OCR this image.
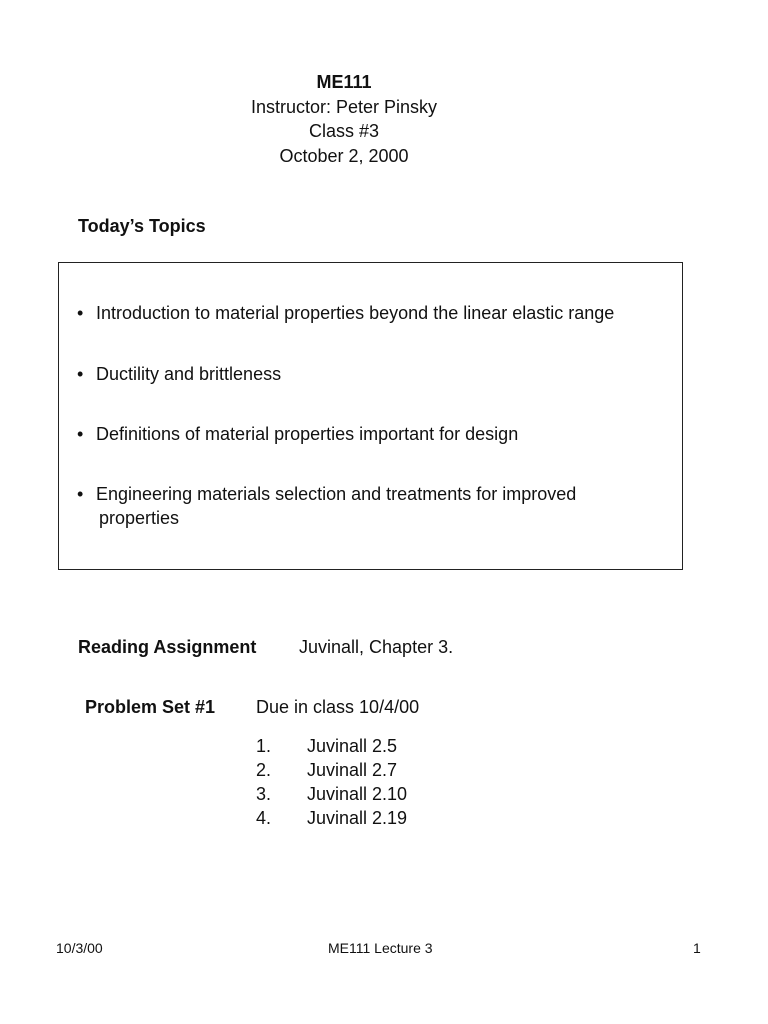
ME111
Instructor: Peter Pinsky
Class #3
October 2, 2000
Today’s Topics
• Introduction to material properties beyond the linear elastic range
• Ductility and brittleness
• Definitions of material properties important for design
• Engineering materials selection and treatments for improved
properties
Reading Assignment Juvinall, Chapter 3.
Problem Set #1 Due in class 10/4/00
1. Juvinall 2.5
2. Juvinall 2.7
3. Juvinall 2.10
4. Juvinall 2.19
10/3/00	ME111 Lecture 3	1
